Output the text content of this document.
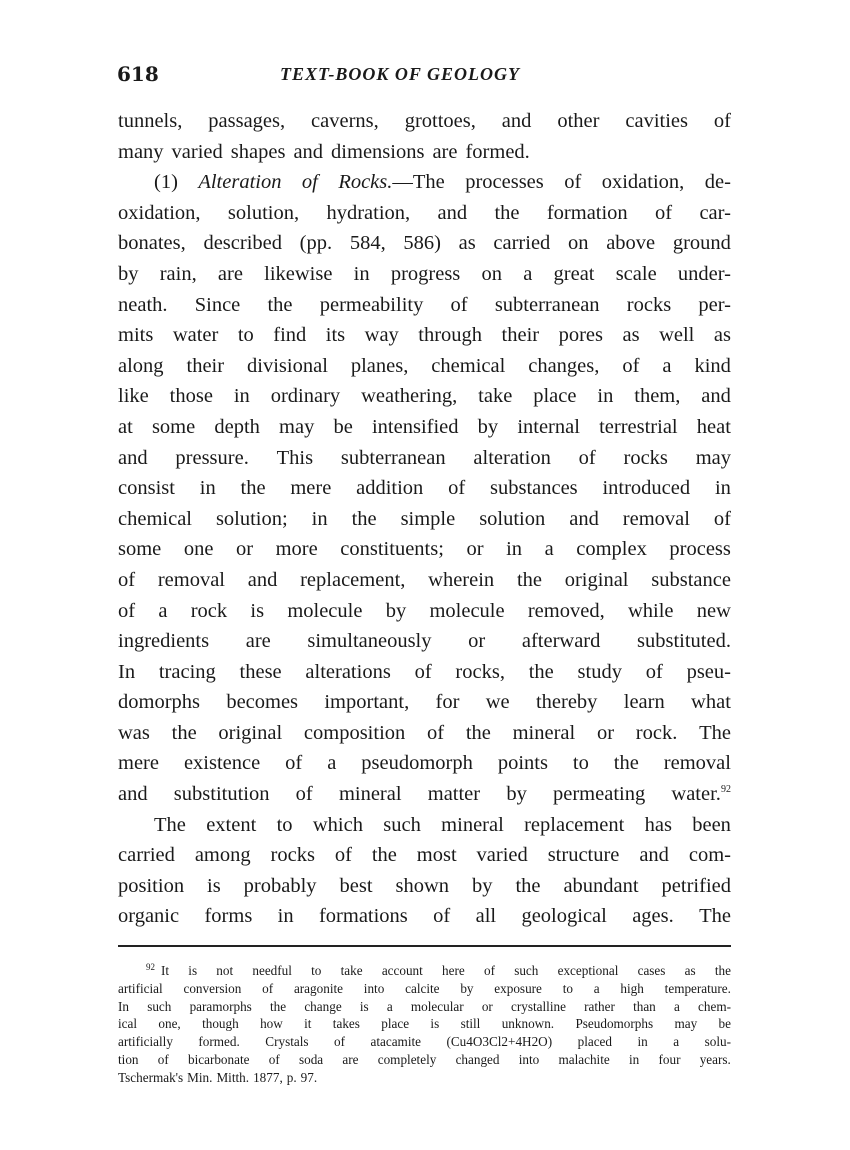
618	TEXT-BOOK OF GEOLOGY
tunnels, passages, caverns, grottoes, and other cavities of
many varied shapes and dimensions are formed.
(1) Alteration of Rocks.—The processes of oxidation, de-
oxidation, solution, hydration, and the formation of car-
bonates, described (pp. 584, 586) as carried on above ground
by rain, are likewise in progress on a great scale under-
neath. Since the permeability of subterranean rocks per-
mits water to find its way through their pores as well as
along their divisional planes, chemical changes, of a kind
like those in ordinary weathering, take place in them, and
at some depth may be intensified by internal terrestrial heat
and pressure. This subterranean alteration of rocks may
consist in the mere addition of substances introduced in
chemical solution; in the simple solution and removal of
some one or more constituents; or in a complex process
of removal and replacement, wherein the original substance
of a rock is molecule by molecule removed, while new
ingredients are simultaneously or afterward substituted.
In tracing these alterations of rocks, the study of pseu-
domorphs becomes important, for we thereby learn what
was the original composition of the mineral or rock. The
mere existence of a pseudomorph points to the removal
and substitution of mineral matter by permeating water.$^{92}$
The extent to which such mineral replacement has been
carried among rocks of the most varied structure and com-
position is probably best shown by the abundant petrified
organic forms in formations of all geological ages. The
$^{92}$ It is not needful to take account here of such exceptional cases as the
artificial conversion of aragonite into calcite by exposure to a high temperature.
In such paramorphs the change is a molecular or crystalline rather than a chem-
ical one, though how it takes place is still unknown. Pseudomorphs may be
artificially formed. Crystals of atacamite (Cu4O3Cl2+4H2O) placed in a solu-
tion of bicarbonate of soda are completely changed into malachite in four years.
Tschermak's Min. Mitth. 1877, p. 97.
